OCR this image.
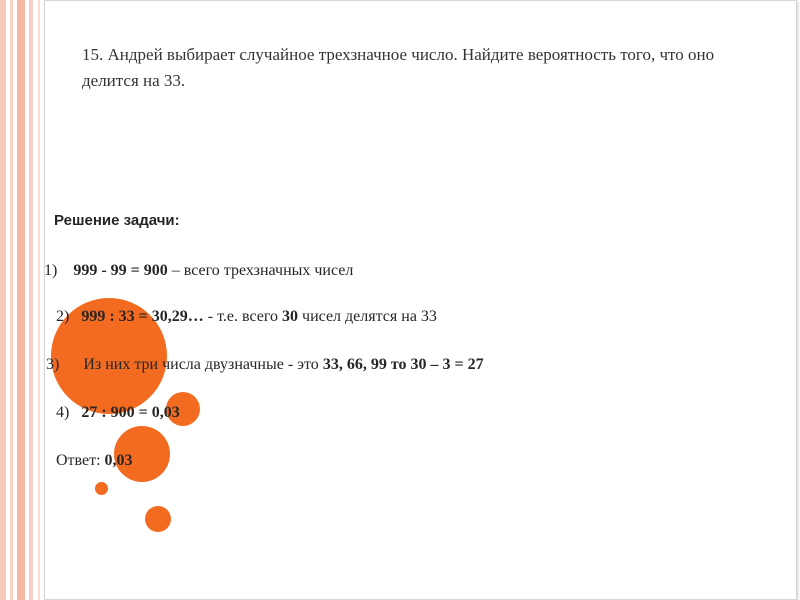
15. Андрей выбирает случайное трехзначное число. Найдите вероятность того, что оно делится на 33.
Решение задачи:
1) 999 - 99 = 900 – всего трехзначных чисел
2) 999 : 33 = 30,29… - т.е. всего 30 чисел делятся на 33
3) Из них три числа двузначные - это 33, 66, 99 то 30 – 3 = 27
4) 27 : 900 = 0,03
Ответ: 0,03
